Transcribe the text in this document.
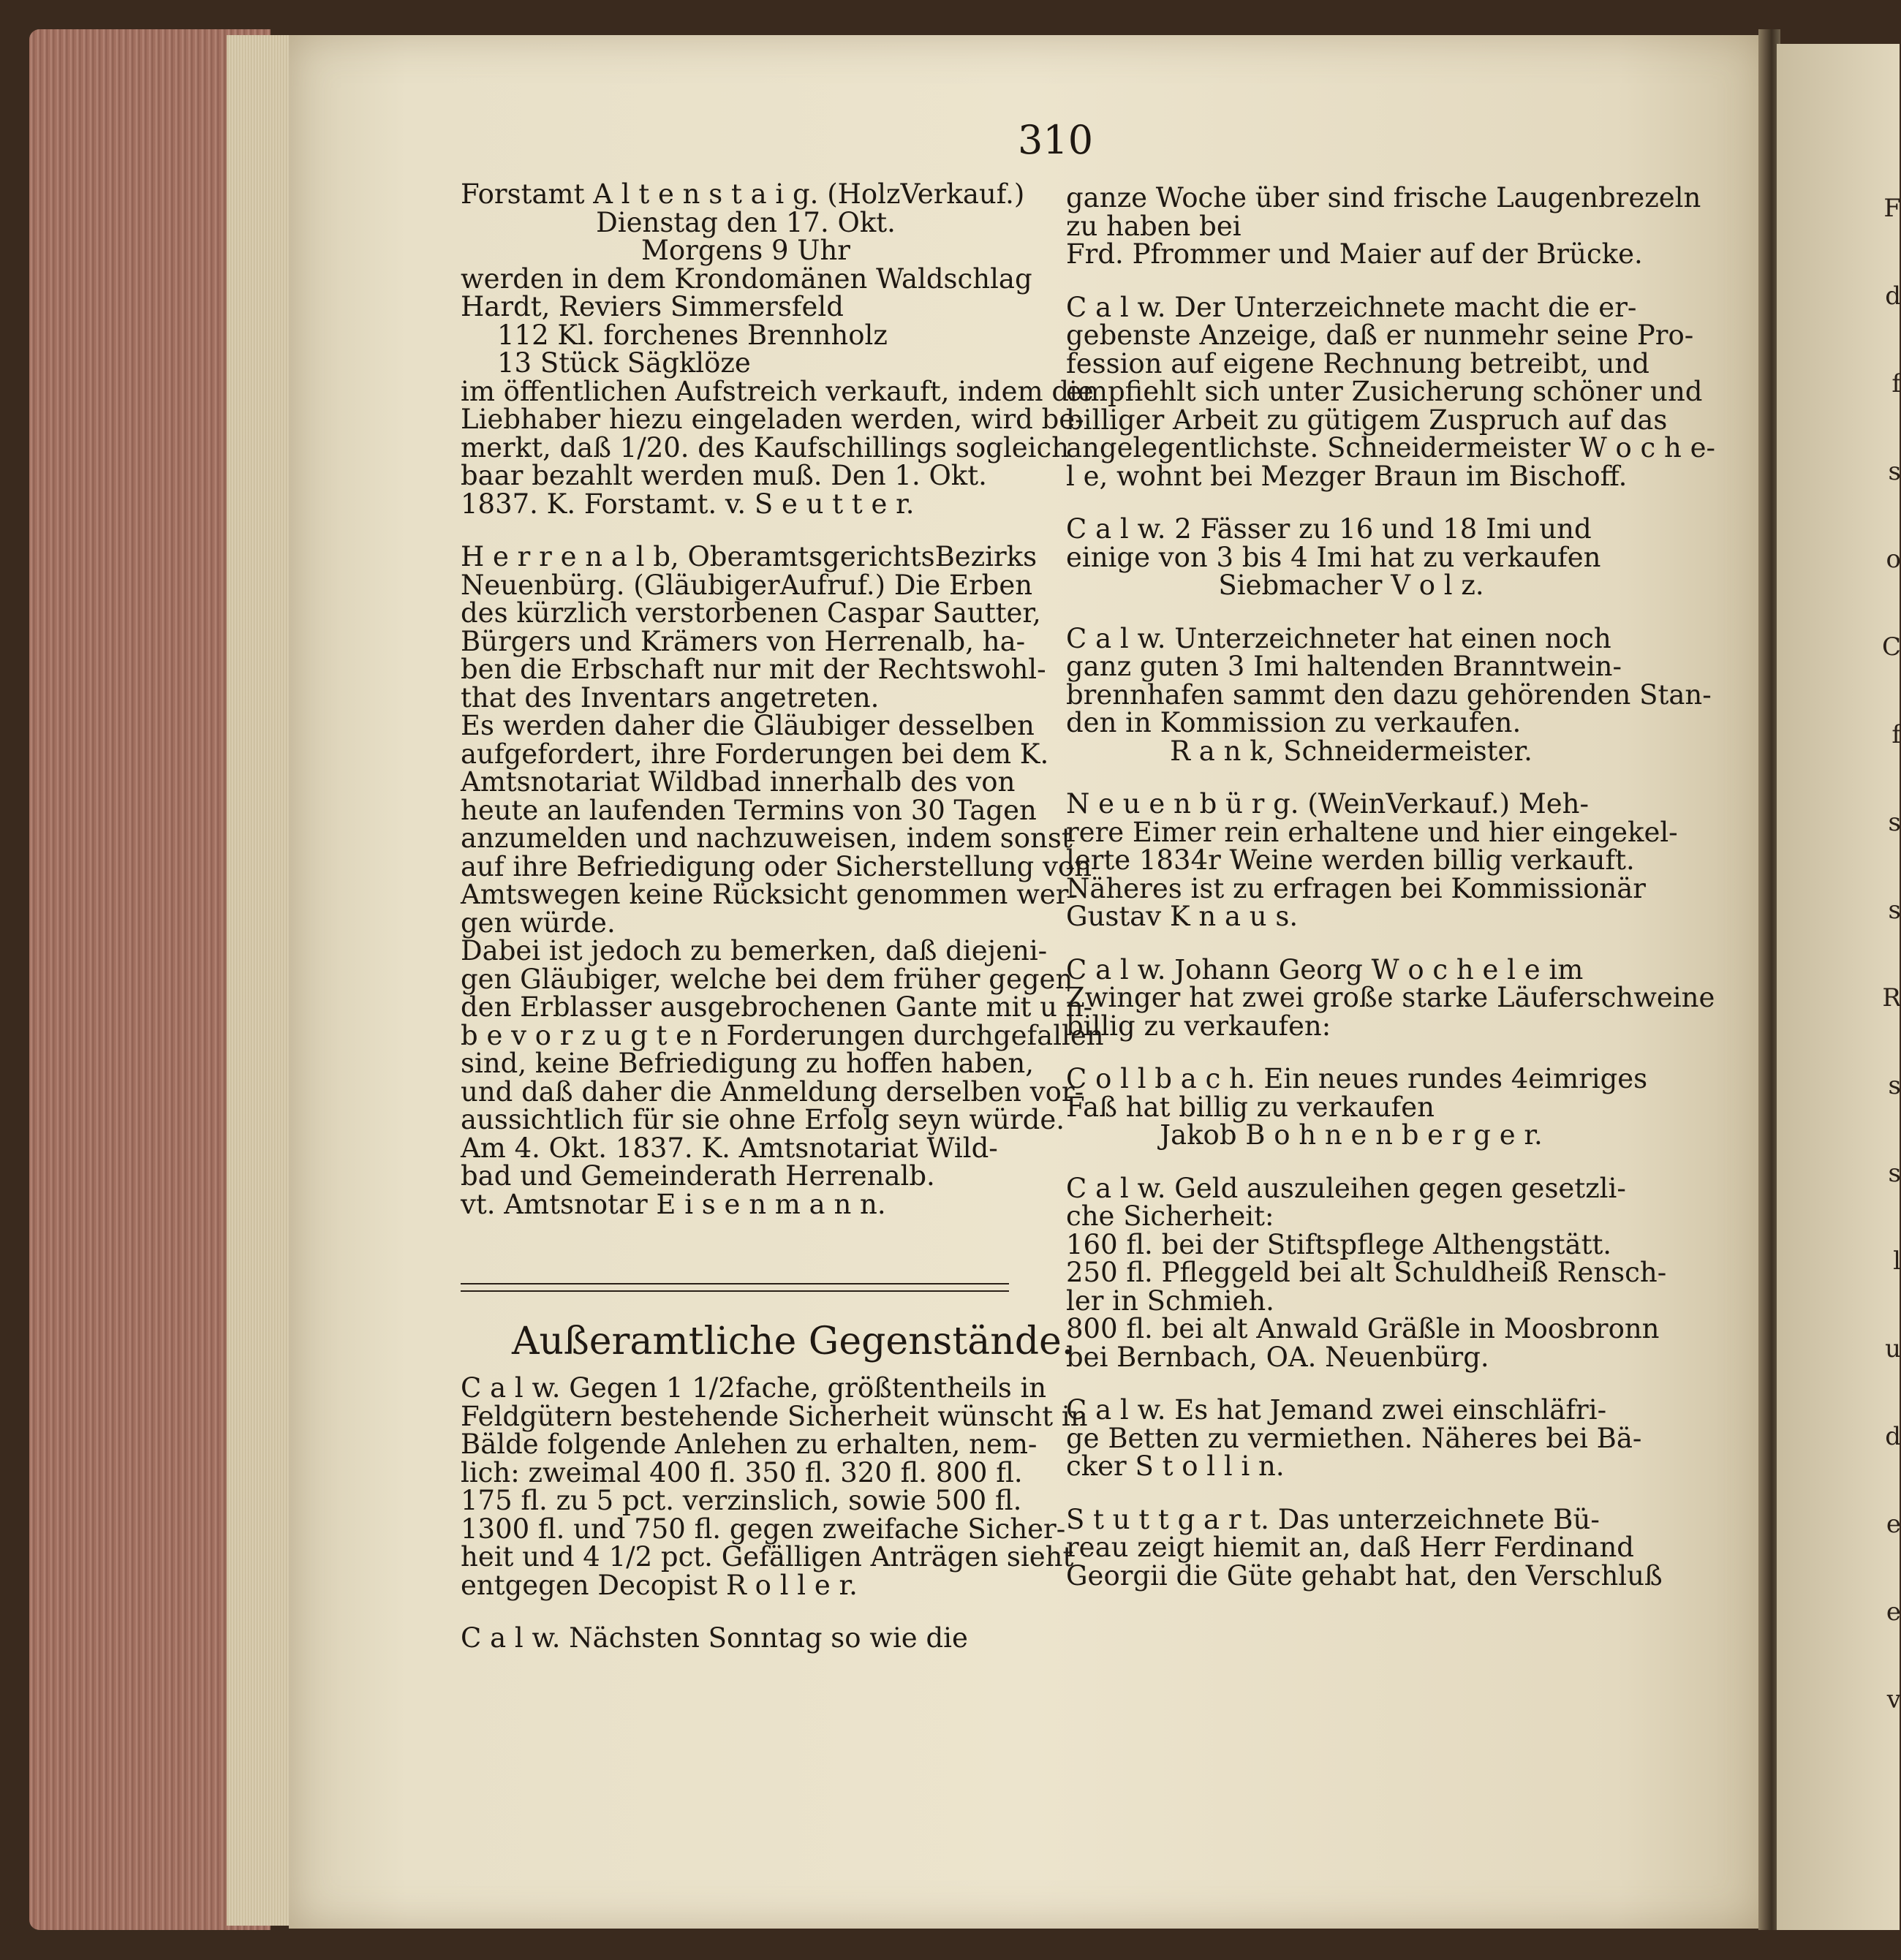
310

Forstamt A l t e n s t a i g. (HolzVerkauf.)

Dienstag den 17. Okt.

Morgens 9 Uhr

werden in dem Krondomänen Waldschlag

Hardt, Reviers Simmersfeld

112 Kl. forchenes Brennholz

13 Stück Sägklöze

im öffentlichen Aufstreich verkauft, indem die

Liebhaber hiezu eingeladen werden, wird be-

merkt, daß 1/20. des Kaufschillings sogleich

baar bezahlt werden muß. Den 1. Okt.

1837. K. Forstamt. v. S e u t t e r.

H e r r e n a l b, OberamtsgerichtsBezirks

Neuenbürg. (GläubigerAufruf.) Die Erben

des kürzlich verstorbenen Caspar Sautter,

Bürgers und Krämers von Herrenalb, ha-

ben die Erbschaft nur mit der Rechtswohl-

that des Inventars angetreten.

Es werden daher die Gläubiger desselben

aufgefordert, ihre Forderungen bei dem K.

Amtsnotariat Wildbad innerhalb des von

heute an laufenden Termins von 30 Tagen

anzumelden und nachzuweisen, indem sonst

auf ihre Befriedigung oder Sicherstellung von

Amtswegen keine Rücksicht genommen wer-

gen würde.

Dabei ist jedoch zu bemerken, daß diejeni-

gen Gläubiger, welche bei dem früher gegen

den Erblasser ausgebrochenen Gante mit u n-

b e v o r z u g t e n Forderungen durchgefallen

sind, keine Befriedigung zu hoffen haben,

und daß daher die Anmeldung derselben vor-

aussichtlich für sie ohne Erfolg seyn würde.

Am 4. Okt. 1837. K. Amtsnotariat Wild-

bad und Gemeinderath Herrenalb.

vt. Amtsnotar E i s e n m a n n.

Außeramtliche Gegenstände.

C a l w. Gegen 1 1/2fache, größtentheils in

Feldgütern bestehende Sicherheit wünscht in

Bälde folgende Anlehen zu erhalten, nem-

lich: zweimal 400 fl. 350 fl. 320 fl. 800 fl.

175 fl. zu 5 pct. verzinslich, sowie 500 fl.

1300 fl. und 750 fl. gegen zweifache Sicher-

heit und 4 1/2 pct. Gefälligen Anträgen sieht

entgegen Decopist R o l l e r.

C a l w. Nächsten Sonntag so wie die

ganze Woche über sind frische Laugenbrezeln

zu haben bei

Frd. Pfrommer und Maier auf der Brücke.

C a l w. Der Unterzeichnete macht die er-

gebenste Anzeige, daß er nunmehr seine Pro-

fession auf eigene Rechnung betreibt, und

empfiehlt sich unter Zusicherung schöner und

billiger Arbeit zu gütigem Zuspruch auf das

angelegentlichste. Schneidermeister W o c h e-

l e, wohnt bei Mezger Braun im Bischoff.

C a l w. 2 Fässer zu 16 und 18 Imi und

einige von 3 bis 4 Imi hat zu verkaufen

Siebmacher V o l z.

C a l w. Unterzeichneter hat einen noch

ganz guten 3 Imi haltenden Branntwein-

brennhafen sammt den dazu gehörenden Stan-

den in Kommission zu verkaufen.

R a n k, Schneidermeister.

N e u e n b ü r g. (WeinVerkauf.) Meh-

rere Eimer rein erhaltene und hier eingekel-

lerte 1834r Weine werden billig verkauft.

Näheres ist zu erfragen bei Kommissionär

Gustav K n a u s.

C a l w. Johann Georg W o c h e l e im

Zwinger hat zwei große starke Läuferschweine

billig zu verkaufen:

C o l l b a c h. Ein neues rundes 4eimriges

Faß hat billig zu verkaufen

Jakob B o h n e n b e r g e r.

C a l w. Geld auszuleihen gegen gesetzli-

che Sicherheit:

160 fl. bei der Stiftspflege Althengstätt.

250 fl. Pfleggeld bei alt Schuldheiß Rensch-

ler in Schmieh.

800 fl. bei alt Anwald Gräßle in Moosbronn

bei Bernbach, OA. Neuenbürg.

C a l w. Es hat Jemand zwei einschläfri-

ge Betten zu vermiethen. Näheres bei Bä-

cker S t o l l i n.

S t u t t g a r t. Das unterzeichnete Bü-

reau zeigt hiemit an, daß Herr Ferdinand

Georgii die Güte gehabt hat, den Verschluß

F
d
f
s
o
C
f
s
s
R
s
s
l
u
d
e
e
v
